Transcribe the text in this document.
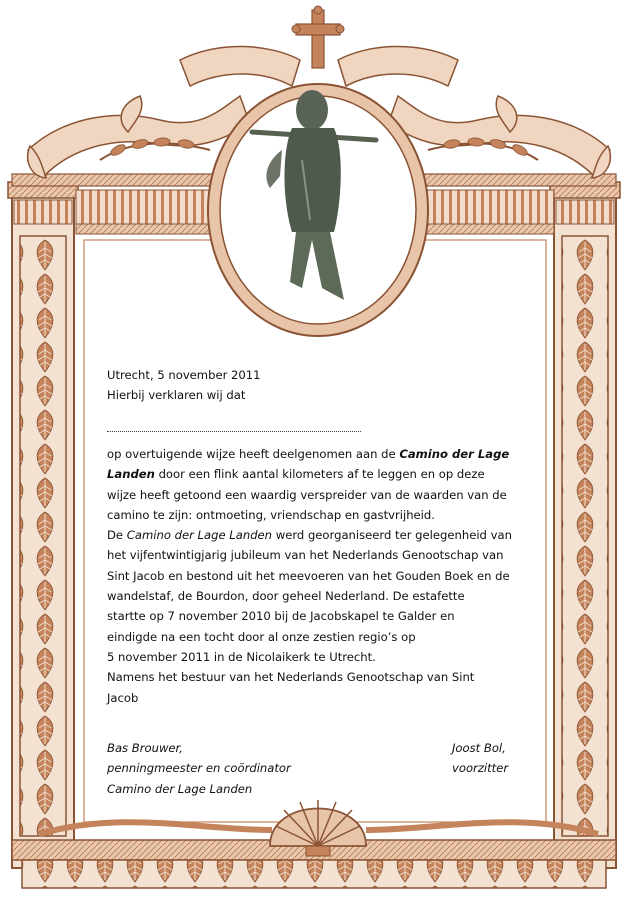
Utrecht, 5 november 2011
Hierbij verklaren wij dat
op overtuigende wijze heeft deelgenomen aan de Camino der Lage
Landen door een flink aantal kilometers af te leggen en op deze
wijze heeft getoond een waardig verspreider van de waarden van de
camino te zijn: ontmoeting, vriendschap en gastvrijheid.
De Camino der Lage Landen werd georganiseerd ter gelegenheid van
het vijfentwintigjarig jubileum van het Nederlands Genootschap van
Sint Jacob en bestond uit het meevoeren van het Gouden Boek en de
wandelstaf, de Bourdon, door geheel Nederland. De estafette
startte op 7 november 2010 bij de Jacobskapel te Galder en
eindigde na een tocht door al onze zestien regio’s op
5 november 2011 in de Nicolaikerk te Utrecht.
Namens het bestuur van het Nederlands Genootschap van Sint
Jacob
Bas Brouwer,
penningmeester en coördinator
Camino der Lage Landen
Joost Bol,
voorzitter
